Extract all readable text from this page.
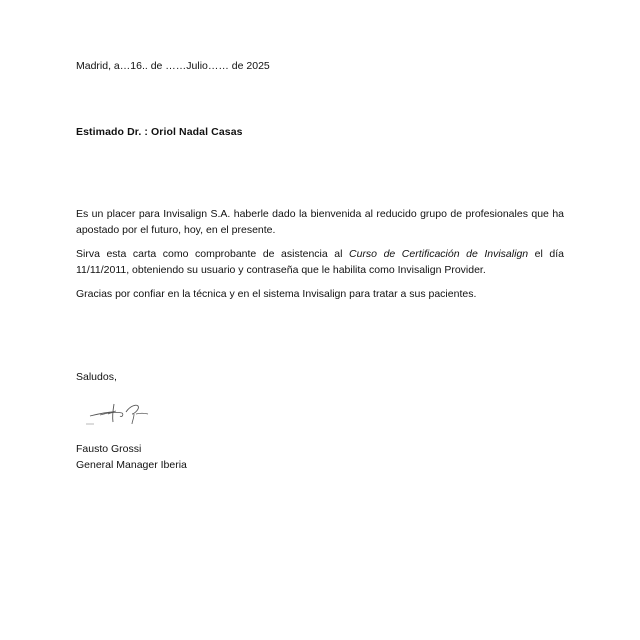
Madrid, a…16.. de ……Julio…… de 2025
Estimado Dr. : Oriol Nadal Casas

Es un placer para Invisalign S.A. haberle dado la bienvenida al reducido grupo de profesionales que ha apostado por el futuro, hoy, en el presente.

Sirva esta carta como comprobante de asistencia al Curso de Certificación de Invisalign el día 11/11/2011, obteniendo su usuario y contraseña que le habilita como Invisalign Provider.

Gracias por confiar en la técnica y en el sistema Invisalign para tratar a sus pacientes.

Saludos,
Fausto Grossi
General Manager Iberia
